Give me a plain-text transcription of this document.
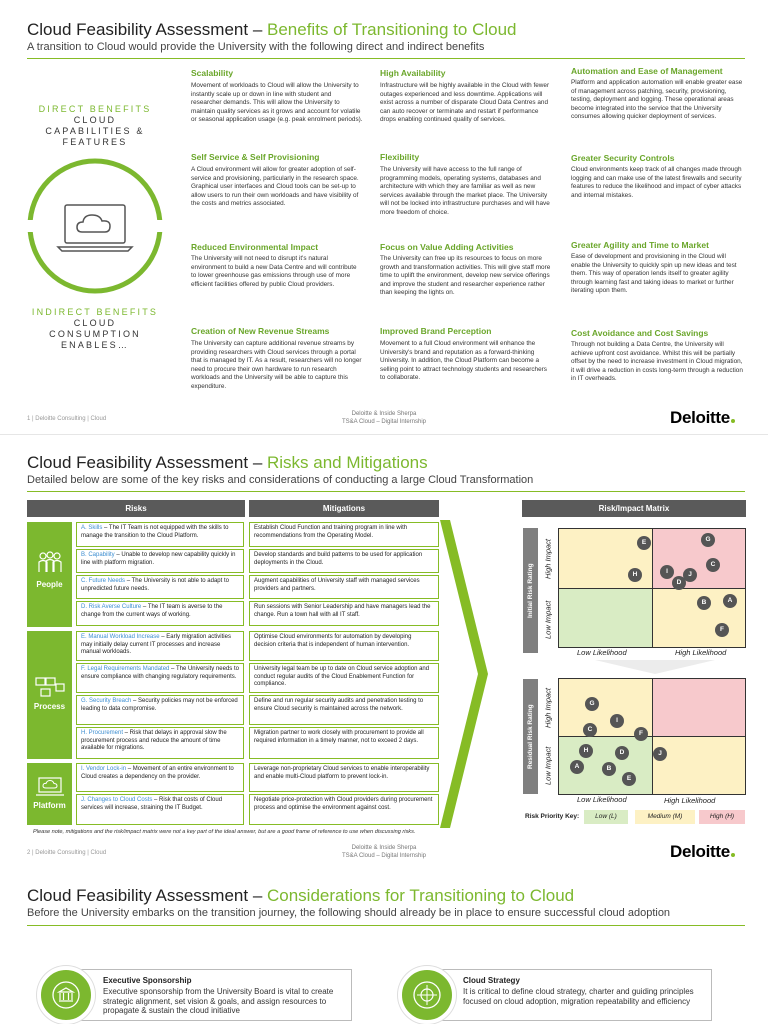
Cloud Feasibility Assessment – Benefits of Transitioning to Cloud
A transition to Cloud would provide the University with the following direct and indirect benefits
DIRECT BENEFITS
CLOUD
CAPABILITIES &
FEATURES
INDIRECT BENEFITS
CLOUD
CONSUMPTION
ENABLES…
Scalability
Movement of workloads to Cloud will allow the University to instantly scale up or down in line with student and researcher demands. This will allow the University to maintain quality services as it grows and account for volatile or seasonal application usage (e.g. peak enrolment periods).
Self Service & Self Provisioning
A Cloud environment will allow for greater adoption of self-service and provisioning, particularly in the research space. Graphical user interfaces and Cloud tools can be set-up to allow users to run their own workloads and have visibility of the costs and metrics associated.
Reduced Environmental Impact
The University will not need to disrupt it's natural environment to build a new Data Centre and will contribute to lower greenhouse gas emissions through use of more efficient facilities offered by public Cloud providers.
Creation of New Revenue Streams
The University can capture additional revenue streams by providing researchers with Cloud services through a portal that is managed by IT. As a result, researchers will no longer need to procure their own hardware to run research workloads and the University will be able to capture this expenditure.
High Availability
Infrastructure will be highly available in the Cloud with fewer outages experienced and less downtime. Applications will exist across a number of disparate Cloud Data Centres and can auto recover or terminate and restart if performance drops enabling continued quality of services.
Flexibility
The University will have access to the full range of programming models, operating systems, databases and architecture with which they are familiar as well as new services available through the market place. The University will not be locked into infrastructure purchases and will have more freedom of choice.
Focus on Value Adding Activities
The University can free up its resources to focus on more growth and transformation activities. This will give staff more time to uplift the environment, develop new service offerings and improve the student and researcher experience rather than keeping the lights on.
Improved Brand Perception
Movement to a full Cloud environment will enhance the University's brand and reputation as a forward-thinking University. In addition, the Cloud Platform can become a selling point to attract technology students and researchers to collaborate.
Automation and Ease of Management
Platform and application automation will enable greater ease of management across patching, security, provisioning, testing, deployment and logging. These operational areas become integrated into the service that the University consumes allowing quicker deployment of services.
Greater Security Controls
Cloud environments keep track of all changes made through logging and can make use of the latest firewalls and security features to reduce the likelihood and impact of cyber attacks and internal mistakes.
Greater Agility and Time to Market
Ease of development and provisioning in the Cloud will enable the University to quickly spin up new ideas and test them. This way of operation lends itself to greater agility through learning fast and taking ideas to market or further iterating upon them.
Cost Avoidance and Cost Savings
Through not building a Data Centre, the University will achieve upfront cost avoidance. Whilst this will be partially offset by the need to increase investment in Cloud migration, it will drive a reduction in costs long-term through a reduction in IT overheads.
1 | Deloitte Consulting | Cloud
Deloitte & Inside Sherpa
TS&A Cloud – Digital Internship	Deloitte
Cloud Feasibility Assessment – Risks and Mitigations
Detailed below are some of the key risks and considerations of conducting a large Cloud Transformation
Risks	Mitigations	Risk/Impact Matrix
People
Process
Platform
A. Skills – The IT Team is not equipped with the skills to manage the transition to the Cloud Platform.
Establish Cloud Function and training program in line with recommendations from the Operating Model.
B. Capability – Unable to develop new capability quickly in line with platform migration.
Develop standards and build patterns to be used for application deployments in the Cloud.
C. Future Needs – The University is not able to adapt to unpredicted future needs.
Augment capabilities of University staff with managed services providers and partners.
D. Risk Averse Culture – The IT team is averse to the change from the current ways of working.
Run sessions with Senior Leadership and have managers lead the change. Run a town hall with all IT staff.
E. Manual Workload Increase – Early migration activities may initially delay current IT processes and increase manual workloads.
Optimise Cloud environments for automation by developing decision criteria that is independent of human intervention.
F. Legal Requirements Mandated – The University needs to ensure compliance with changing regulatory requirements.
University legal team be up to date on Cloud service adoption and conduct regular audits of the Cloud Enablement Function for compliance.
G. Security Breach – Security policies may not be enforced leading to data compromise.
Define and run regular security audits and penetration testing to ensure Cloud security is maintained across the network.
H. Procurement – Risk that delays in approval slow the procurement process and reduce the amount of time available for migrations.
Migration partner to work closely with procurement to provide all required information in a timely manner, not to exceed 2 days.
I. Vendor Lock-in – Movement of an entire environment to Cloud creates a dependency on the provider.
Leverage non-proprietary Cloud services to enable interoperability and enable multi-Cloud platform to prevent lock-in.
J. Changes to Cloud Costs – Risk that costs of Cloud services will increase, straining the IT Budget.
Negotiate price-protection with Cloud providers during procurement process and optimise the environment against cost.
Initial Risk Rating
High Impact
Low Impact
E	G
H	I
C
D
J
B	A
F
Low Likelihood	High Likelihood
Residual Risk Rating	High Impact
Low Impact
G
I
C
F
H	D	J
A	B
E
Low Likelihood	High Likelihood
Risk Priority Key:	Low (L)	Medium (M)	High (H)
Please note, mitigations and the risk/impact matrix were not a key part of the ideal answer, but are a good frame of reference to use when discussing risks.
2 | Deloitte Consulting | Cloud
Deloitte & Inside Sherpa
TS&A Cloud – Digital Internship	Deloitte
Cloud Feasibility Assessment – Considerations for Transitioning to Cloud
Before the University embarks on the transition journey, the following should already be in place to ensure successful cloud adoption
Executive Sponsorship
Executive sponsorship from the University Board is vital to create strategic alignment, set vision & goals, and assign resources to propagate & sustain the cloud initiative
Cloud Strategy
It is critical to define cloud strategy, charter and guiding principles focused on cloud adoption, migration repeatability and efficiency
